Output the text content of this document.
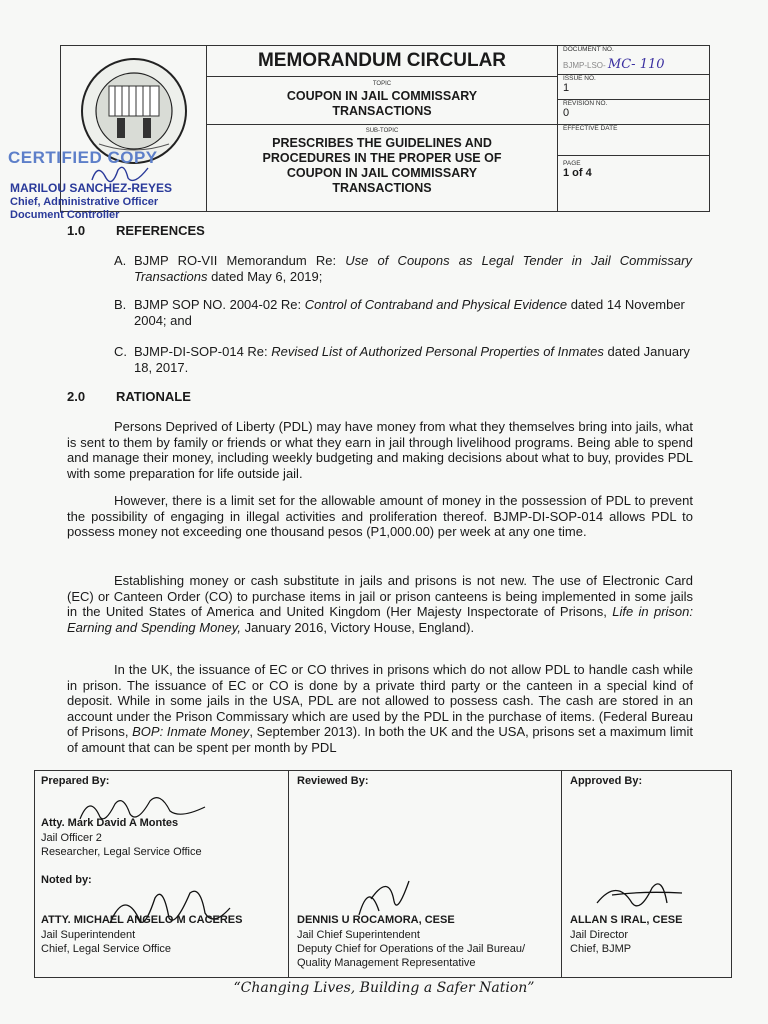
MEMORANDUM CIRCULAR
TOPIC
COUPON IN JAIL COMMISSARY
TRANSACTIONS
SUB-TOPIC
PRESCRIBES THE GUIDELINES AND
PROCEDURES IN THE PROPER USE OF
COUPON IN JAIL COMMISSARY
TRANSACTIONS
DOCUMENT NO.
BJMP-LSO- MC- 110
ISSUE NO.
1
REVISION NO.
0
EFFECTIVE DATE
PAGE
1 of 4
CERTIFIED COPY
MARILOU SANCHEZ-REYES
Chief, Administrative Officer
Document Controller
1.0 REFERENCES
A. BJMP RO-VII Memorandum Re: Use of Coupons as Legal Tender in Jail Commissary Transactions dated May 6, 2019;
B. BJMP SOP NO. 2004-02 Re: Control of Contraband and Physical Evidence dated 14 November 2004; and
C. BJMP-DI-SOP-014 Re: Revised List of Authorized Personal Properties of Inmates dated January 18, 2017.
2.0 RATIONALE
Persons Deprived of Liberty (PDL) may have money from what they themselves bring into jails, what is sent to them by family or friends or what they earn in jail through livelihood programs. Being able to spend and manage their money, including weekly budgeting and making decisions about what to buy, provides PDL with some preparation for life outside jail.
However, there is a limit set for the allowable amount of money in the possession of PDL to prevent the possibility of engaging in illegal activities and proliferation thereof. BJMP-DI-SOP-014 allows PDL to possess money not exceeding one thousand pesos (P1,000.00) per week at any one time.
Establishing money or cash substitute in jails and prisons is not new. The use of Electronic Card (EC) or Canteen Order (CO) to purchase items in jail or prison canteens is being implemented in some jails in the United States of America and United Kingdom (Her Majesty Inspectorate of Prisons, Life in prison: Earning and Spending Money, January 2016, Victory House, England).
In the UK, the issuance of EC or CO thrives in prisons which do not allow PDL to handle cash while in prison. The issuance of EC or CO is done by a private third party or the canteen in a special kind of deposit. While in some jails in the USA, PDL are not allowed to possess cash. The cash are stored in an account under the Prison Commissary which are used by the PDL in the purchase of items. (Federal Bureau of Prisons, BOP: Inmate Money, September 2013). In both the UK and the USA, prisons set a maximum limit of amount that can be spent per month by PDL
Prepared By:
Atty. Mark David A Montes
Jail Officer 2
Researcher, Legal Service Office
Noted by:
ATTY. MICHAEL ANGELO M CACERES
Jail Superintendent
Chief, Legal Service Office
Reviewed By:
DENNIS U ROCAMORA, CESE
Jail Chief Superintendent
Deputy Chief for Operations of the Jail Bureau/
Quality Management Representative
Approved By:
ALLAN S IRAL, CESE
Jail Director
Chief, BJMP
“Changing Lives, Building a Safer Nation”
